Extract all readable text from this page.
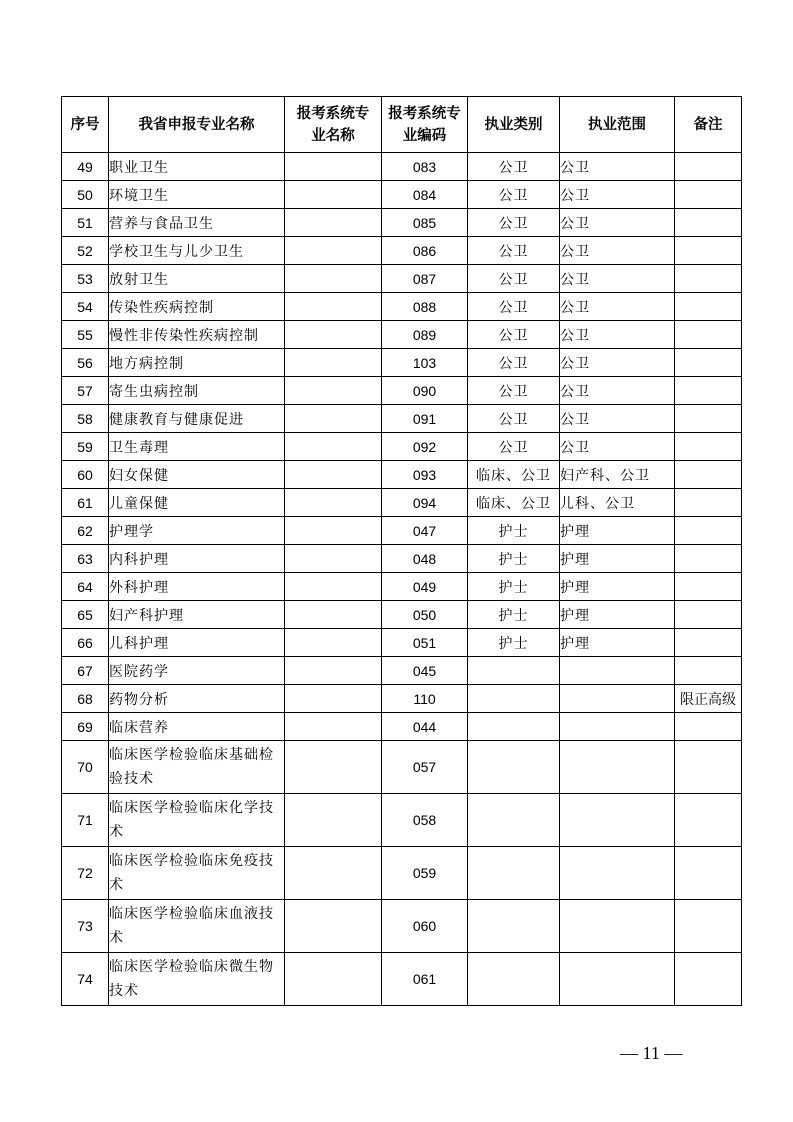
序号	我省申报专业名称	报考系统专业名称	报考系统专业编码	执业类别	执业范围	备注
49	职业卫生		083	公卫	公卫	
50	环境卫生		084	公卫	公卫	
51	营养与食品卫生		085	公卫	公卫	
52	学校卫生与儿少卫生		086	公卫	公卫	
53	放射卫生		087	公卫	公卫	
54	传染性疾病控制		088	公卫	公卫	
55	慢性非传染性疾病控制		089	公卫	公卫	
56	地方病控制		103	公卫	公卫	
57	寄生虫病控制		090	公卫	公卫	
58	健康教育与健康促进		091	公卫	公卫	
59	卫生毒理		092	公卫	公卫	
60	妇女保健		093	临床、公卫	妇产科、公卫	
61	儿童保健		094	临床、公卫	儿科、公卫	
62	护理学		047	护士	护理	
63	内科护理		048	护士	护理	
64	外科护理		049	护士	护理	
65	妇产科护理		050	护士	护理	
66	儿科护理		051	护士	护理	
67	医院药学		045			
68	药物分析		110			限正高级
69	临床营养		044			
70	临床医学检验临床基础检验技术		057			
71	临床医学检验临床化学技术		058			
72	临床医学检验临床免疫技术		059			
73	临床医学检验临床血液技术		060			
74	临床医学检验临床微生物技术		061			
— 11 —
